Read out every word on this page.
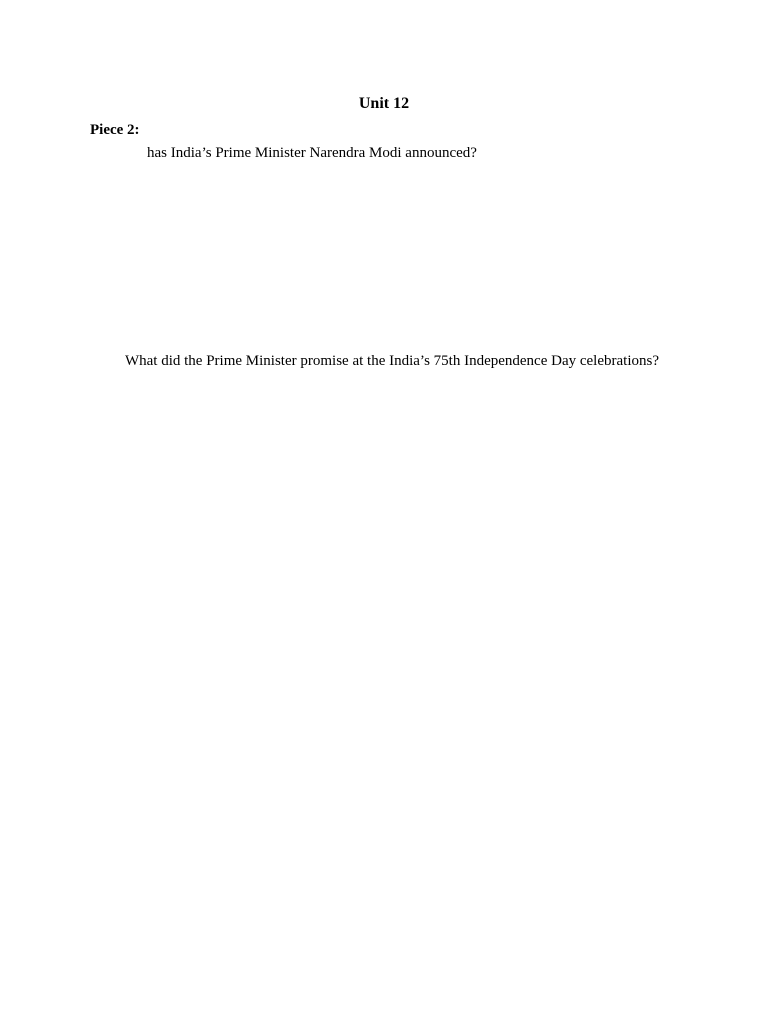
Unit 12
Piece 2:
has India’s Prime Minister Narendra Modi announced?
What did the Prime Minister promise at the India’s 75th Independence Day celebrations?
